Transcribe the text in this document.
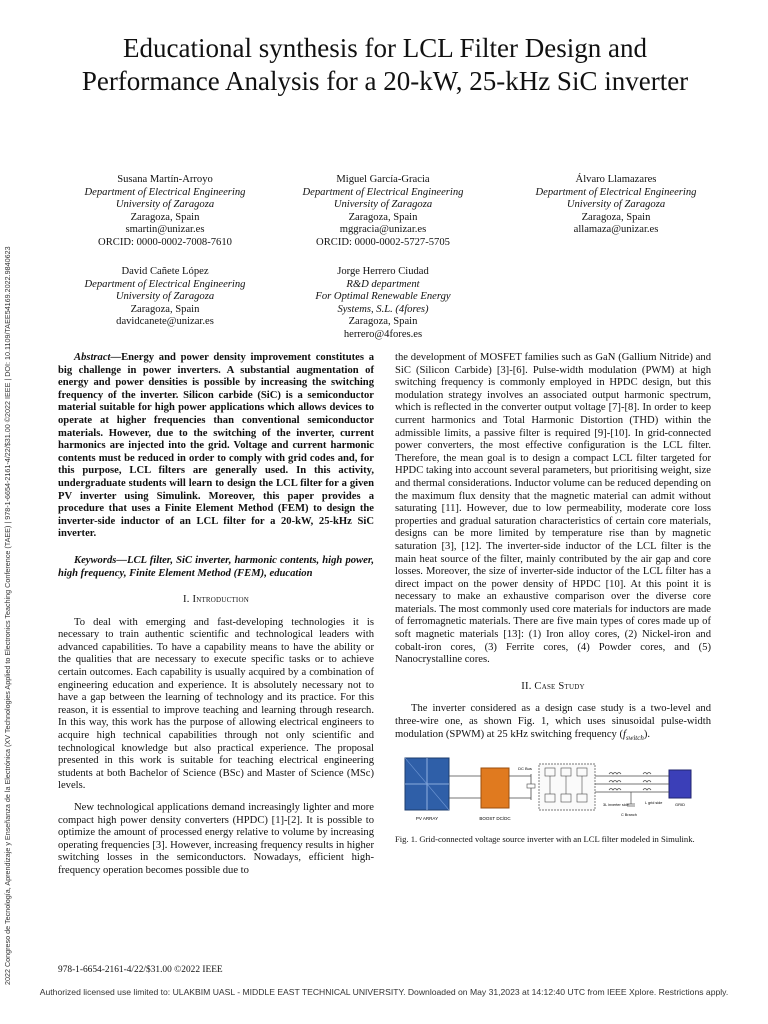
2022 Congreso de Tecnología, Aprendizaje y Enseñanza de la Electrónica (XV Technologies Applied to Electronics Teaching Conference (TAEE) | 978-1-6654-2161-4/22/$31.00 ©2022 IEEE | DOI: 10.1109/TAEE54169.2022.9840623
Educational synthesis for LCL Filter Design and Performance Analysis for a 20-kW, 25-kHz SiC inverter
Susana Martín-Arroyo
Department of Electrical Engineering
University of Zaragoza
Zaragoza, Spain
smartin@unizar.es
ORCID: 0000-0002-7008-7610
Miguel García-Gracia
Department of Electrical Engineering
University of Zaragoza
Zaragoza, Spain
mggracia@unizar.es
ORCID: 0000-0002-5727-5705
Álvaro Llamazares
Department of Electrical Engineering
University of Zaragoza
Zaragoza, Spain
allamaza@unizar.es
David Cañete López
Department of Electrical Engineering
University of Zaragoza
Zaragoza, Spain
davidcanete@unizar.es
Jorge Herrero Ciudad
R&D department
For Optimal Renewable Energy
Systems, S.L. (4fores)
Zaragoza, Spain
herrero@4fores.es

Abstract—Energy and power density improvement constitutes a big challenge in power inverters. A substantial augmentation of energy and power densities is possible by increasing the switching frequency of the inverter. Silicon carbide (SiC) is a semiconductor material suitable for high power applications which allows devices to operate at higher frequencies than conventional semiconductor materials. However, due to the switching of the inverter, current harmonics are injected into the grid. Voltage and current harmonic contents must be reduced in order to comply with grid codes and, for this purpose, LCL filters are generally used. In this activity, undergraduate students will learn to design the LCL filter for a given PV inverter using Simulink. Moreover, this paper provides a procedure that uses a Finite Element Method (FEM) to design the inverter-side inductor of an LCL filter for a 20-kW, 25-kHz SiC inverter.

Keywords—LCL filter, SiC inverter, harmonic contents, high power, high frequency, Finite Element Method (FEM), education

I. Introduction

To deal with emerging and fast-developing technologies it is necessary to train authentic scientific and technological leaders with advanced capabilities. To have a capability means to have the ability or the qualities that are necessary to execute specific tasks or to achieve certain outcomes. Each capability is usually acquired by a combination of engineering education and experience. It is absolutely necessary not to have a gap between the learning of technology and its practice. For this reason, it is essential to improve teaching and learning through research. In this way, this work has the purpose of allowing electrical engineers to acquire high technical capabilities through not only scientific and technological knowledge but also practical experience. The proposal presented in this work is suitable for teaching electrical engineering students at both Bachelor of Science (BSc) and Master of Science (MSc) levels.

New technological applications demand increasingly lighter and more compact high power density converters (HPDC) [1]-[2]. It is possible to optimize the amount of processed energy relative to volume by increasing operating frequencies [3]. However, increasing frequency results in higher switching losses in the semiconductors. Nowadays, efficient high-frequency operation becomes possible due to

the development of MOSFET families such as GaN (Gallium Nitride) and SiC (Silicon Carbide) [3]-[6]. Pulse-width modulation (PWM) at high switching frequency is commonly employed in HPDC design, but this modulation strategy involves an associated output harmonic spectrum, which is reflected in the converter output voltage [7]-[8]. In order to keep current harmonics and Total Harmonic Distortion (THD) within the admissible limits, a passive filter is required [9]-[10]. In grid-connected power converters, the most effective configuration is the LCL filter. Therefore, the mean goal is to design a compact LCL filter targeted for HPDC taking into account several parameters, but prioritising weight, size and thermal considerations. Inductor volume can be reduced depending on the maximum flux density that the magnetic material can admit without saturating [11]. However, due to low permeability, moderate core loss properties and gradual saturation characteristics of certain core materials, designs can be more limited by temperature rise than by magnetic saturation [3], [12]. The inverter-side inductor of the LCL filter is the main heat source of the filter, mainly contributed by the air gap and core losses. Moreover, the size of inverter-side inductor of the LCL filter has a direct impact on the power density of HPDC [10]. At this point it is necessary to make an exhaustive comparison over the diverse core materials. The most commonly used core materials for inductors are made of ferromagnetic materials. There are five main types of cores made up of soft magnetic materials [13]: (1) Iron alloy cores, (2) Nickel-iron and cobalt-iron cores, (3) Ferrite cores, (4) Powder cores, and (5) Nanocrystalline cores.

II. Case Study

The inverter considered as a design case study is a two-level and three-wire one, as shown Fig. 1, which uses sinusoidal pulse-width modulation (SPWM) at 25 kHz switching frequency $(f_{switch})$.

PV ARRAY	BOOST DC/DC
DC Bus
3L inverter side
C Branch
L grid side	GRID
Fig. 1. Grid-connected voltage source inverter with an LCL filter modeled in Simulink.
978-1-6654-2161-4/22/$31.00 ©2022 IEEE
Authorized licensed use limited to: ULAKBIM UASL - MIDDLE EAST TECHNICAL UNIVERSITY. Downloaded on May 31,2023 at 14:12:40 UTC from IEEE Xplore. Restrictions apply.
